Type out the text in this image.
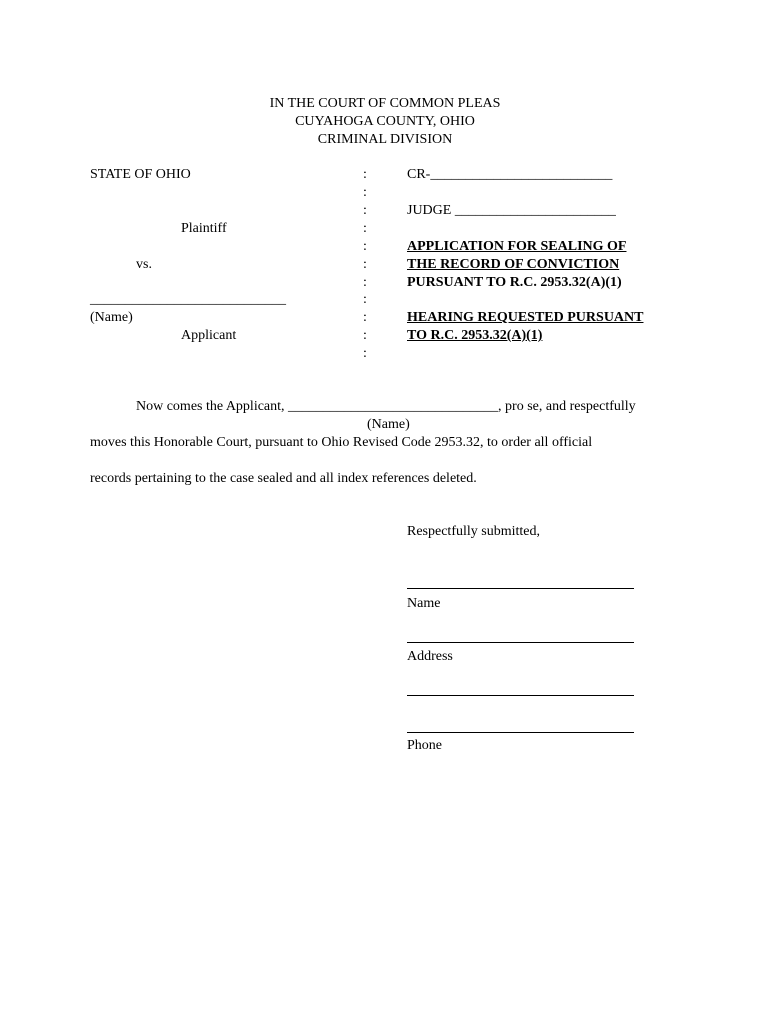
IN THE COURT OF COMMON PLEAS
CUYAHOGA COUNTY, OHIO
CRIMINAL DIVISION
STATE OF OHIO
Plaintiff
vs.
____________________________
(Name)
Applicant
:
:
:
:
:
:
:
:
:
:
:
CR-__________________________
JUDGE _______________________
APPLICATION FOR SEALING OF
THE RECORD OF CONVICTION
PURSUANT TO R.C. 2953.32(A)(1)
HEARING REQUESTED PURSUANT
TO R.C. 2953.32(A)(1)
Now comes the Applicant, ______________________________, pro se, and respectfully
(Name)
moves this Honorable Court, pursuant to Ohio Revised Code 2953.32, to order all official
records pertaining to the case sealed and all index references deleted.
Respectfully submitted,
Name
Address
Phone
